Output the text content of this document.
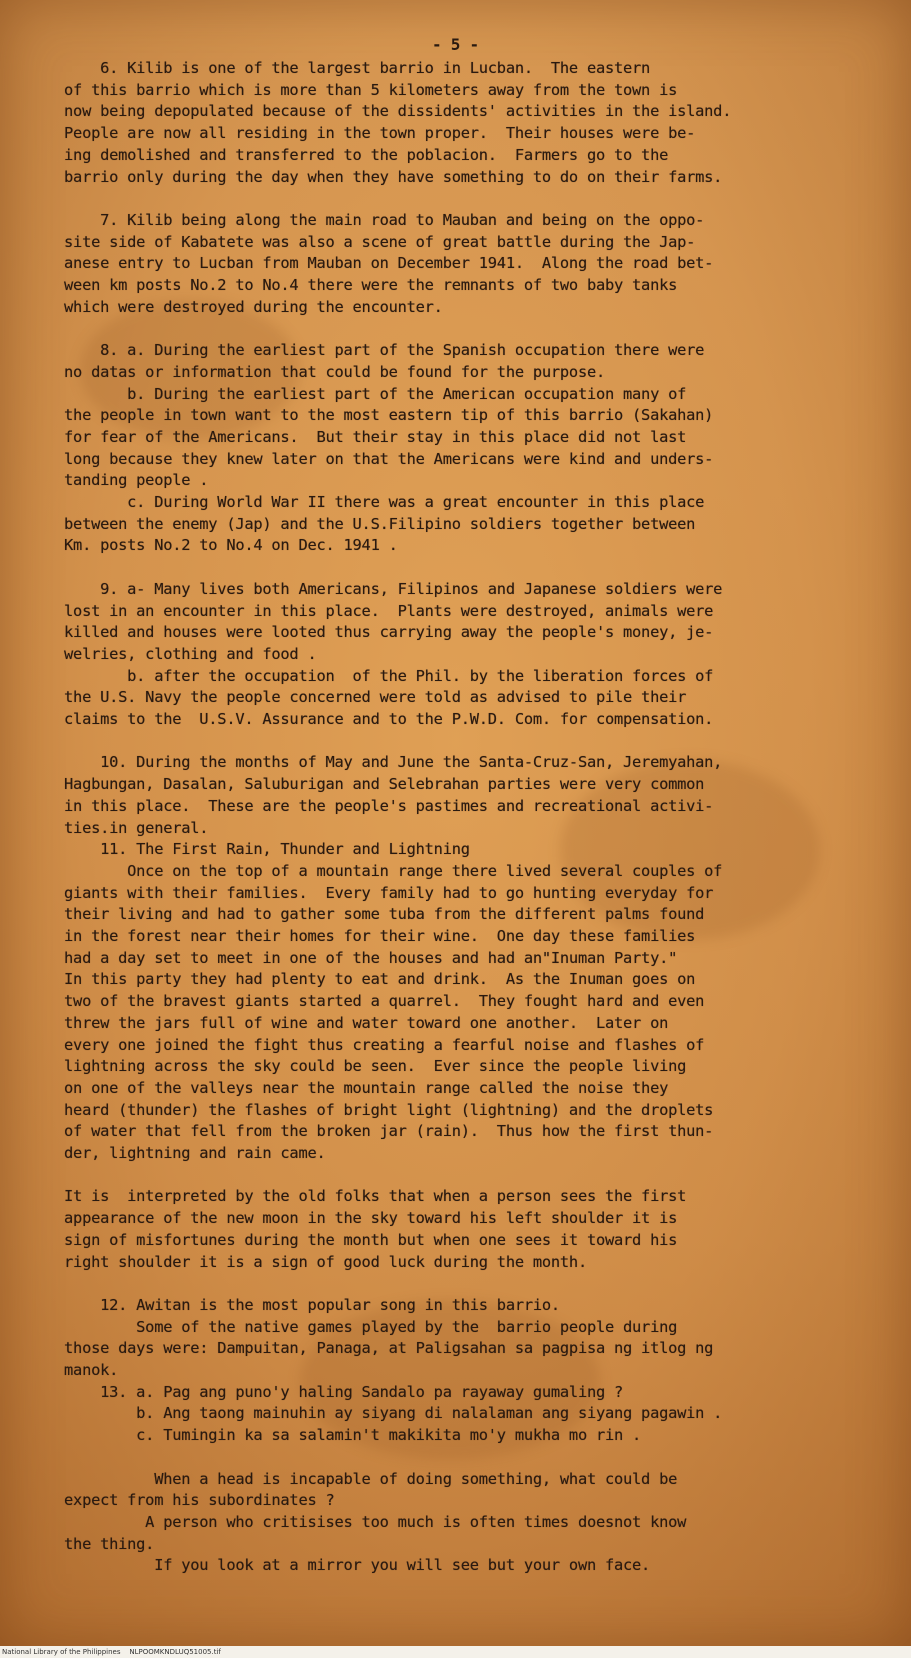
- 5 -
6. Kilib is one of the largest barrio in Lucban.  The eastern
of this barrio which is more than 5 kilometers away from the town is
now being depopulated because of the dissidents' activities in the island.
People are now all residing in the town proper.  Their houses were be-
ing demolished and transferred to the poblacion.  Farmers go to the
barrio only during the day when they have something to do on their farms.
7. Kilib being along the main road to Mauban and being on the oppo-
site side of Kabatete was also a scene of great battle during the Jap-
anese entry to Lucban from Mauban on December 1941.  Along the road bet-
ween km posts No.2 to No.4 there were the remnants of two baby tanks
which were destroyed during the encounter.
8. a. During the earliest part of the Spanish occupation there were
no datas or information that could be found for the purpose.
b. During the earliest part of the American occupation many of
the people in town want to the most eastern tip of this barrio (Sakahan)
for fear of the Americans.  But their stay in this place did not last
long because they knew later on that the Americans were kind and unders-
tanding people .
c. During World War II there was a great encounter in this place
between the enemy (Jap) and the U.S.Filipino soldiers together between
Km. posts No.2 to No.4 on Dec. 1941 .
9. a- Many lives both Americans, Filipinos and Japanese soldiers were
lost in an encounter in this place.  Plants were destroyed, animals were
killed and houses were looted thus carrying away the people's money, je-
welries, clothing and food .
b. after the occupation  of the Phil. by the liberation forces of
the U.S. Navy the people concerned were told as advised to pile their
claims to the  U.S.V. Assurance and to the P.W.D. Com. for compensation.
10. During the months of May and June the Santa-Cruz-San, Jeremyahan,
Hagbungan, Dasalan, Saluburigan and Selebrahan parties were very common
in this place.  These are the people's pastimes and recreational activi-
ties.in general.
11. The First Rain, Thunder and Lightning
Once on the top of a mountain range there lived several couples of
giants with their families.  Every family had to go hunting everyday for
their living and had to gather some tuba from the different palms found
in the forest near their homes for their wine.  One day these families
had a day set to meet in one of the houses and had an"Inuman Party."
In this party they had plenty to eat and drink.  As the Inuman goes on
two of the bravest giants started a quarrel.  They fought hard and even
threw the jars full of wine and water toward one another.  Later on
every one joined the fight thus creating a fearful noise and flashes of
lightning across the sky could be seen.  Ever since the people living
on one of the valleys near the mountain range called the noise they
heard (thunder) the flashes of bright light (lightning) and the droplets
of water that fell from the broken jar (rain).  Thus how the first thun-
der, lightning and rain came.
It is  interpreted by the old folks that when a person sees the first
appearance of the new moon in the sky toward his left shoulder it is
sign of misfortunes during the month but when one sees it toward his
right shoulder it is a sign of good luck during the month.
12. Awitan is the most popular song in this barrio.
Some of the native games played by the  barrio people during
those days were: Dampuitan, Panaga, at Paligsahan sa pagpisa ng itlog ng
manok.
13. a. Pag ang puno'y haling Sandalo pa rayaway gumaling ?
b. Ang taong mainuhin ay siyang di nalalaman ang siyang pagawin .
c. Tumingin ka sa salamin't makikita mo'y mukha mo rin .
When a head is incapable of doing something, what could be
expect from his subordinates ?
A person who critisises too much is often times doesnot know
the thing.
If you look at a mirror you will see but your own face.
National Library of the Philippines    NLPOOMKNDLUQ51005.tif
